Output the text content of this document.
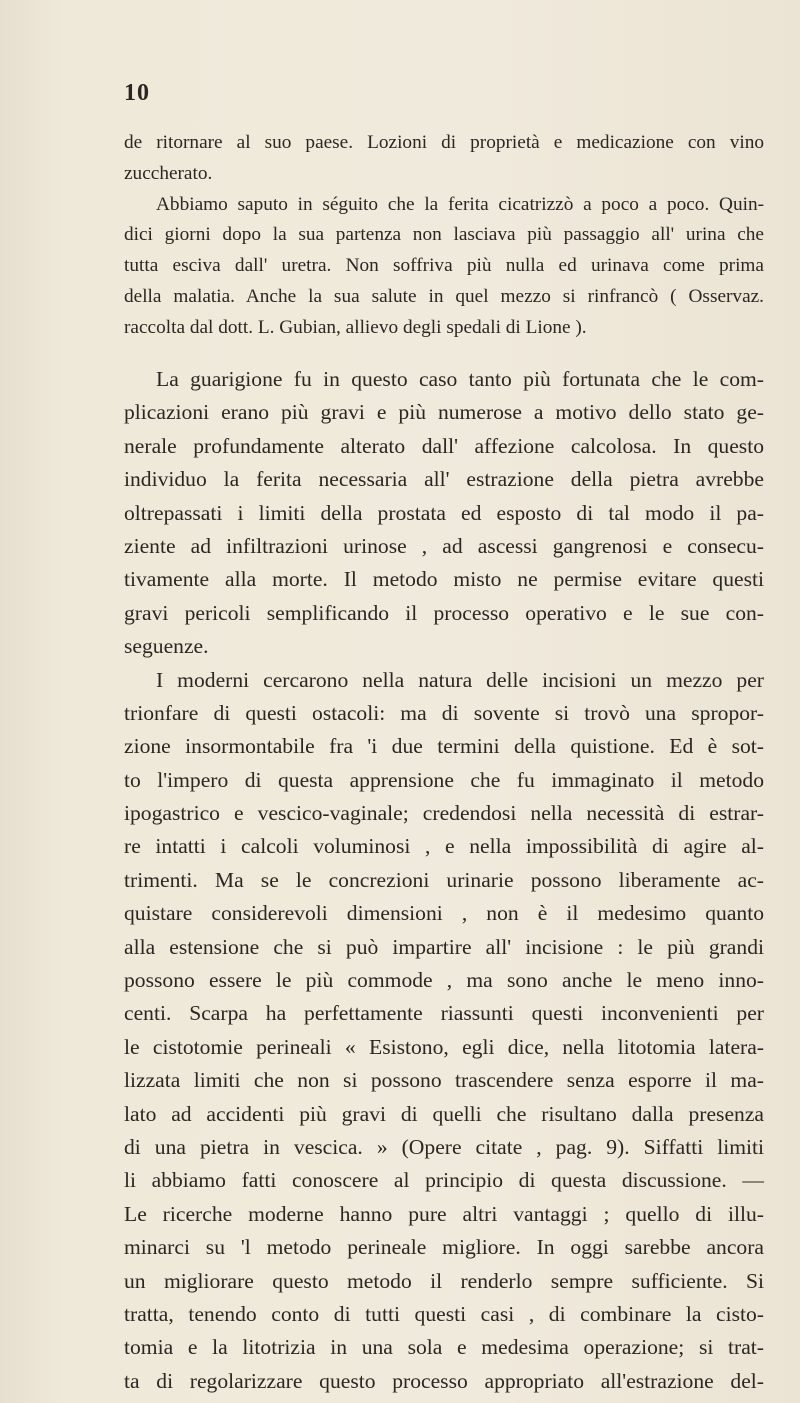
10

de ritornare al suo paese. Lozioni di proprietà e medicazione con vino
zuccherato.

Abbiamo saputo in séguito che la ferita cicatrizzò a poco a poco. Quin-
dici giorni dopo la sua partenza non lasciava più passaggio all' urina che
tutta esciva dall' uretra. Non soffriva più nulla ed urinava come prima
della malatia. Anche la sua salute in quel mezzo si rinfrancò ( Osservaz.
raccolta dal dott. L. Gubian, allievo degli spedali di Lione ).

La guarigione fu in questo caso tanto più fortunata che le com-
plicazioni erano più gravi e più numerose a motivo dello stato ge-
nerale profundamente alterato dall' affezione calcolosa. In questo
individuo la ferita necessaria all' estrazione della pietra avrebbe
oltrepassati i limiti della prostata ed esposto di tal modo il pa-
ziente ad infiltrazioni urinose , ad ascessi gangrenosi e consecu-
tivamente alla morte. Il metodo misto ne permise evitare questi
gravi pericoli semplificando il processo operativo e le sue con-
seguenze.

I moderni cercarono nella natura delle incisioni un mezzo per
trionfare di questi ostacoli: ma di sovente si trovò una spropor-
zione insormontabile fra 'i due termini della quistione. Ed è sot-
to l'impero di questa apprensione che fu immaginato il metodo
ipogastrico e vescico-vaginale; credendosi nella necessità di estrar-
re intatti i calcoli voluminosi , e nella impossibilità di agire al-
trimenti. Ma se le concrezioni urinarie possono liberamente ac-
quistare considerevoli dimensioni , non è il medesimo quanto
alla estensione che si può impartire all' incisione : le più grandi
possono essere le più commode , ma sono anche le meno inno-
centi. Scarpa ha perfettamente riassunti questi inconvenienti per
le cistotomie perineali « Esistono, egli dice, nella litotomia latera-
lizzata limiti che non si possono trascendere senza esporre il ma-
lato ad accidenti più gravi di quelli che risultano dalla presenza
di una pietra in vescica. » (Opere citate , pag. 9). Siffatti limiti
li abbiamo fatti conoscere al principio di questa discussione. —
Le ricerche moderne hanno pure altri vantaggi ; quello di illu-
minarci su 'l metodo perineale migliore. In oggi sarebbe ancora
un migliorare questo metodo il renderlo sempre sufficiente. Si
tratta, tenendo conto di tutti questi casi , di combinare la cisto-
tomia e la litotrizia in una sola e medesima operazione; si trat-
ta di regolarizzare questo processo appropriato all'estrazione del-
